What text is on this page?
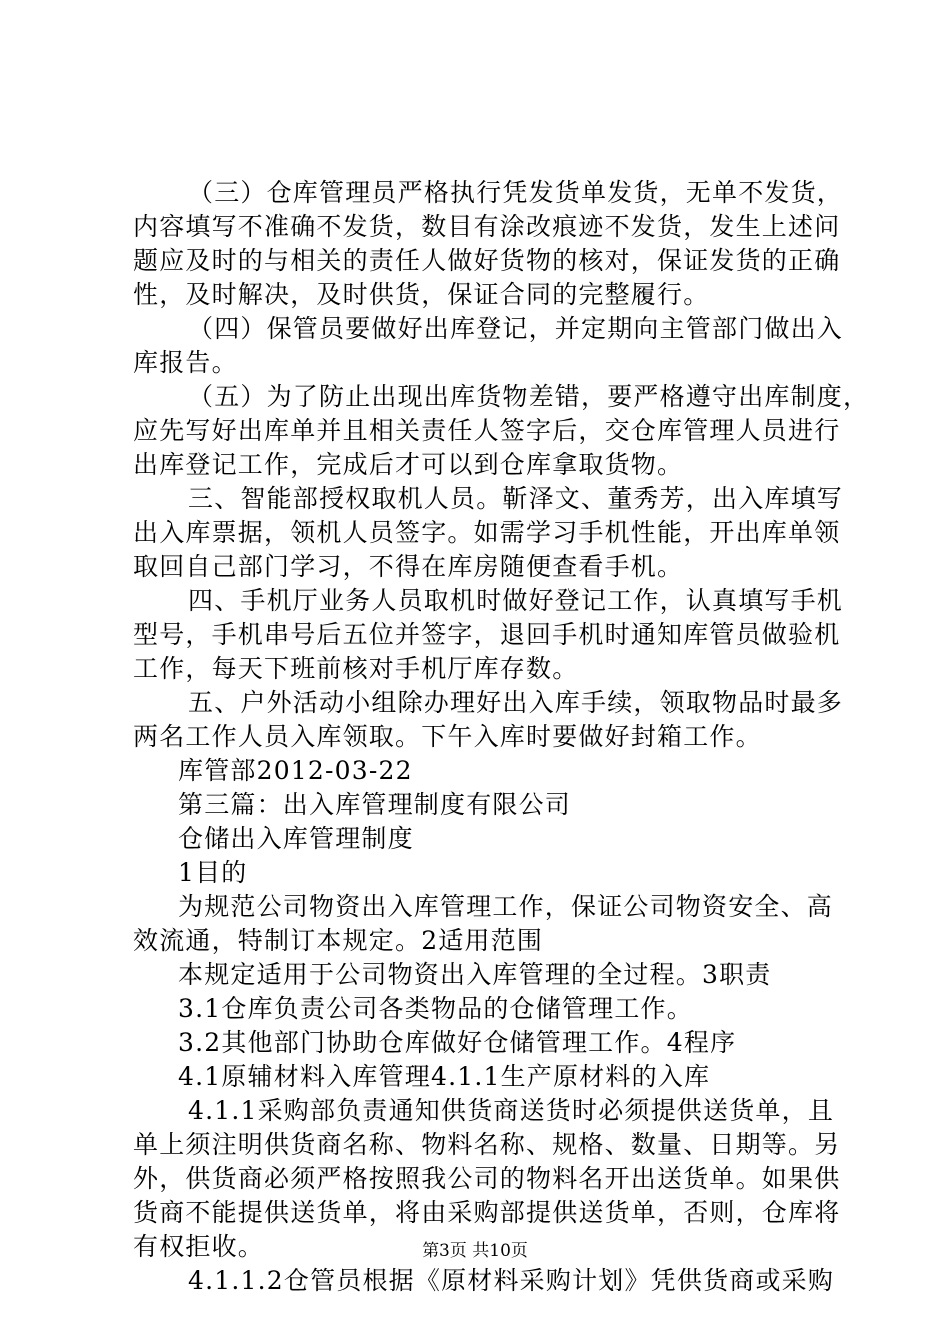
（三）仓库管理员严格执行凭发货单发货，无单不发货，
内容填写不准确不发货，数目有涂改痕迹不发货，发生上述问
题应及时的与相关的责任人做好货物的核对，保证发货的正确
性，及时解决，及时供货，保证合同的完整履行。
（四）保管员要做好出库登记，并定期向主管部门做出入
库报告。
（五）为了防止出现出库货物差错，要严格遵守出库制度，
应先写好出库单并且相关责任人签字后，交仓库管理人员进行
出库登记工作，完成后才可以到仓库拿取货物。
三、智能部授权取机人员。靳泽文、董秀芳，出入库填写
出入库票据，领机人员签字。如需学习手机性能，开出库单领
取回自己部门学习，不得在库房随便查看手机。
四、手机厅业务人员取机时做好登记工作，认真填写手机
型号，手机串号后五位并签字，退回手机时通知库管员做验机
工作，每天下班前核对手机厅库存数。
五、户外活动小组除办理好出入库手续，领取物品时最多
两名工作人员入库领取。下午入库时要做好封箱工作。
库管部2012-03-22
第三篇：出入库管理制度有限公司
仓储出入库管理制度
1目的
为规范公司物资出入库管理工作，保证公司物资安全、高
效流通，特制订本规定。2适用范围
本规定适用于公司物资出入库管理的全过程。3职责
3.1仓库负责公司各类物品的仓储管理工作。
3.2其他部门协助仓库做好仓储管理工作。4程序
4.1原辅材料入库管理4.1.1生产原材料的入库
4.1.1采购部负责通知供货商送货时必须提供送货单，且
单上须注明供货商名称、物料名称、规格、数量、日期等。另
外，供货商必须严格按照我公司的物料名开出送货单。如果供
货商不能提供送货单，将由采购部提供送货单，否则，仓库将
有权拒收。
4.1.1.2仓管员根据《原材料采购计划》凭供货商或采购
第3页 共10页
